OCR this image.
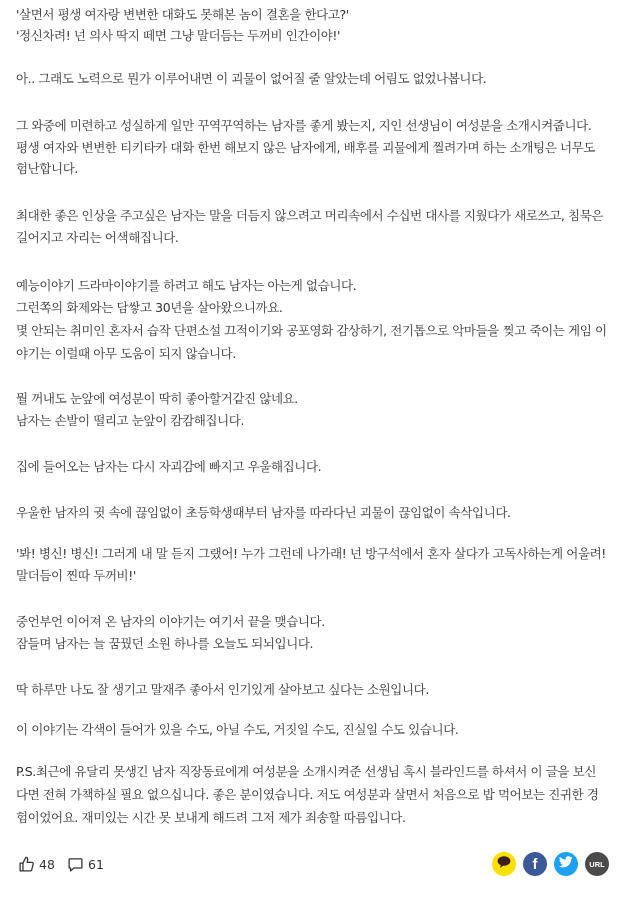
'살면서 평생 여자랑 변변한 대화도 못해본 놈이 결혼을 한다고?'
'정신차려! 넌 의사 딱지 떼면 그냥 말더듬는 두꺼비 인간이야!'
아.. 그래도 노력으로 뭔가 이루어내면 이 괴물이 없어질 줄 알았는데 어림도 없었나봅니다.
그 와중에 미련하고 성실하게 일만 꾸역꾸역하는 남자를 좋게 봤는지, 지인 선생님이 여성분을 소개시켜줍니다.
평생 여자와 변변한 티키타카 대화 한번 해보지 않은 남자에게, 배후를 괴물에게 찔려가며 하는 소개팅은 너무도
험난합니다.
최대한 좋은 인상을 주고싶은 남자는 말을 더듬지 않으려고 머리속에서 수십번 대사를 지웠다가 새로쓰고, 침묵은
길어지고 자리는 어색해집니다.
예능이야기 드라마이야기를 하려고 해도 남자는 아는게 없습니다.
그런쪽의 화제와는 담쌓고 30년을 살아왔으니까요.
몇 안되는 취미인 혼자서 습작 단편소설 끄적이기와 공포영화 감상하기, 전기톱으로 악마들을 찢고 죽이는 게임 이
야기는 이럴때 아무 도움이 되지 않습니다.
뭘 꺼내도 눈앞에 여성분이 딱히 좋아할거같진 않네요.
남자는 손발이 떨리고 눈앞이 캄캄해집니다.
집에 들어오는 남자는 다시 자괴감에 빠지고 우울해집니다.
우울한 남자의 귓 속에 끊임없이 초등학생때부터 남자를 따라다닌 괴물이 끊임없이 속삭입니다.
'봐! 병신! 병신! 그러게 내 말 듣지 그랬어! 누가 그런데 나가래! 넌 방구석에서 혼자 살다가 고독사하는게 어울려!
말더듬이 찐따 두꺼비!'
중언부언 이어져 온 남자의 이야기는 여기서 끝을 맺습니다.
잠들며 남자는 늘 꿈꿨던 소원 하나를 오늘도 되뇌입니다.
딱 하루만 나도 잘 생기고 말재주 좋아서 인기있게 살아보고 싶다는 소원입니다.
이 이야기는 각색이 들어가 있을 수도, 아닐 수도, 거짓일 수도, 진실일 수도 있습니다.
P.S.최근에 유달리 못생긴 남자 직장동료에게 여성분을 소개시켜준 선생님 혹시 블라인드를 하셔서 이 글을 보신
다면 전혀 가책하실 필요 없으십니다. 좋은 분이였습니다. 저도 여성분과 살면서 처음으로 밥 먹어보는 진귀한 경
험이었어요. 재미있는 시간 못 보내게 해드려 그저 제가 죄송할 따름입니다.
48	61	f	URL
